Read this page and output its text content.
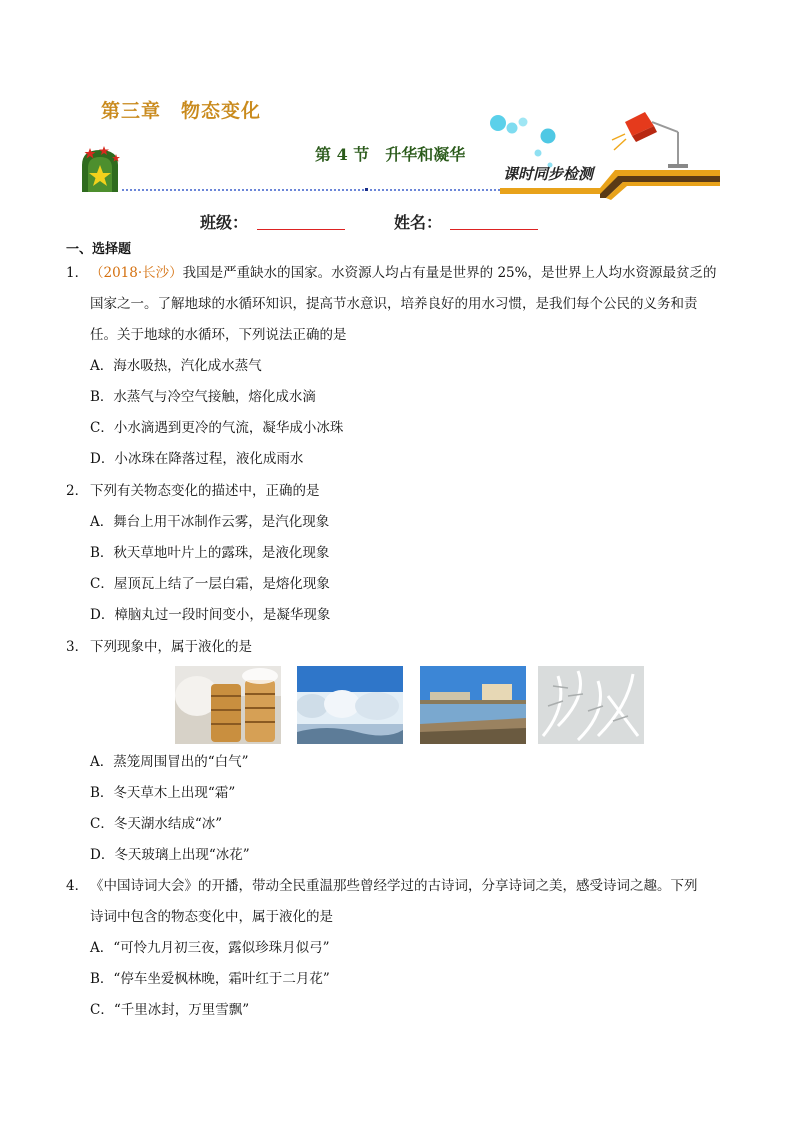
第三章　物态变化
第 4 节　升华和凝华
课时同步检测
班级：	姓名：
一、选择题
1． （2018·长沙）我国是严重缺水的国家。水资源人均占有量是世界的 25%，是世界上人均水资源最贫乏的
国家之一。了解地球的水循环知识，提高节水意识，培养良好的用水习惯，是我们每个公民的义务和责
任。关于地球的水循环，下列说法正确的是
A．海水吸热，汽化成水蒸气
B．水蒸气与冷空气接触，熔化成水滴
C．小水滴遇到更冷的气流，凝华成小冰珠
D．小冰珠在降落过程，液化成雨水
2． 下列有关物态变化的描述中，正确的是
A．舞台上用干冰制作云雾，是汽化现象
B．秋天草地叶片上的露珠，是液化现象
C．屋顶瓦上结了一层白霜，是熔化现象
D．樟脑丸过一段时间变小，是凝华现象
3． 下列现象中，属于液化的是
A．蒸笼周围冒出的“白气”
B．冬天草木上出现“霜”
C．冬天湖水结成“冰”
D．冬天玻璃上出现“冰花”
4． 《中国诗词大会》的开播，带动全民重温那些曾经学过的古诗词，分享诗词之美，感受诗词之趣。下列
诗词中包含的物态变化中，属于液化的是
A．“可怜九月初三夜，露似珍珠月似弓”
B．“停车坐爱枫林晚，霜叶红于二月花”
C．“千里冰封，万里雪飘”
